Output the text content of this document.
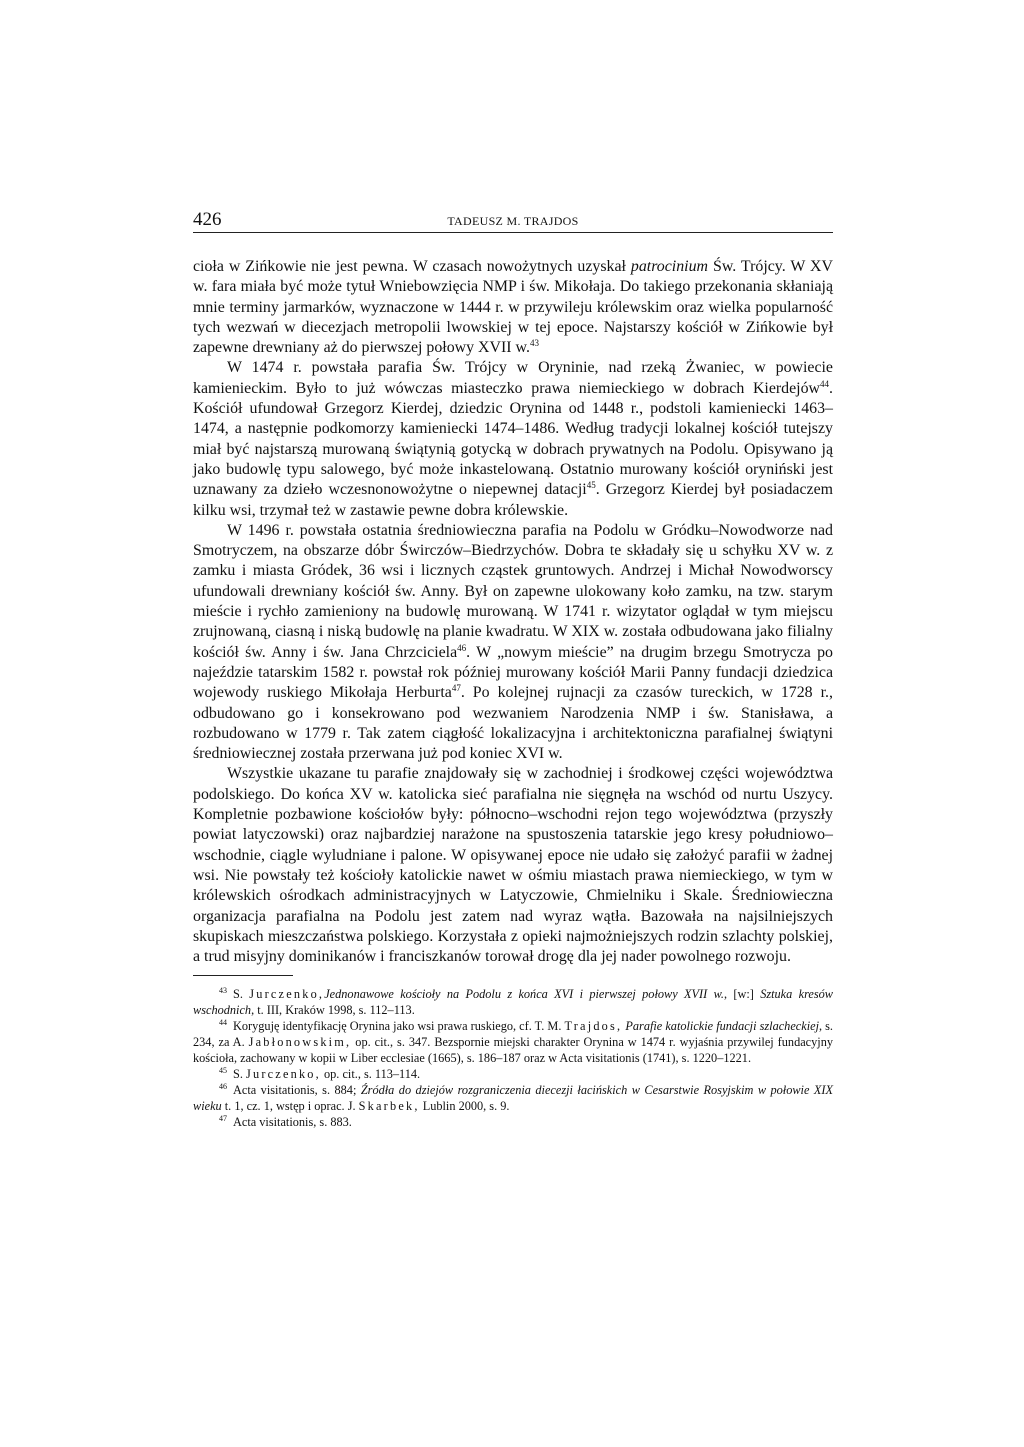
426	TADEUSZ M. TRAJDOS

cioła w Zińkowie nie jest pewna. W czasach nowożytnych uzyskał patrocinium Św. Trójcy. W XV w. fara miała być może tytuł Wniebowzięcia NMP i św. Mikołaja. Do takiego przekonania skłaniają mnie terminy jarmarków, wyznaczone w 1444 r. w przywileju królewskim oraz wielka popularność tych wezwań w diecezjach metropolii lwowskiej w tej epoce. Najstarszy kościół w Zińkowie był zapewne drewniany aż do pierwszej połowy XVII w.$^{43}$

W 1474 r. powstała parafia Św. Trójcy w Oryninie, nad rzeką Żwaniec, w powiecie kamienieckim. Było to już wówczas miasteczko prawa niemieckiego w dobrach Kierdejów$^{44}$. Kościół ufundował Grzegorz Kierdej, dziedzic Orynina od 1448 r., podstoli kamieniecki 1463–1474, a następnie podkomorzy kamieniecki 1474–1486. Według tradycji lokalnej kościół tutejszy miał być najstarszą murowaną świątynią gotycką w dobrach prywatnych na Podolu. Opisywano ją jako budowlę typu salowego, być może inkastelowaną. Ostatnio murowany kościół oryniński jest uznawany za dzieło wczesnonowożytne o niepewnej datacji$^{45}$. Grzegorz Kierdej był posiadaczem kilku wsi, trzymał też w zastawie pewne dobra królewskie.

W 1496 r. powstała ostatnia średniowieczna parafia na Podolu w Gródku–Nowodworze nad Smotryczem, na obszarze dóbr Świrczów–Biedrzychów. Dobra te składały się u schyłku XV w. z zamku i miasta Gródek, 36 wsi i licznych cząstek gruntowych. Andrzej i Michał Nowodworscy ufundowali drewniany kościół św. Anny. Był on zapewne ulokowany koło zamku, na tzw. starym mieście i rychło zamieniony na budowlę murowaną. W 1741 r. wizytator oglądał w tym miejscu zrujnowaną, ciasną i niską budowlę na planie kwadratu. W XIX w. została odbudowana jako filialny kościół św. Anny i św. Jana Chrzciciela$^{46}$. W „nowym mieście” na drugim brzegu Smotrycza po najeździe tatarskim 1582 r. powstał rok później murowany kościół Marii Panny fundacji dziedzica wojewody ruskiego Mikołaja Herburta$^{47}$. Po kolejnej rujnacji za czasów tureckich, w 1728 r., odbudowano go i konsekrowano pod wezwaniem Narodzenia NMP i św. Stanisława, a rozbudowano w 1779 r. Tak zatem ciągłość lokalizacyjna i architektoniczna parafialnej świątyni średniowiecznej została przerwana już pod koniec XVI w.

Wszystkie ukazane tu parafie znajdowały się w zachodniej i środkowej części województwa podolskiego. Do końca XV w. katolicka sieć parafialna nie sięgnęła na wschód od nurtu Uszycy. Kompletnie pozbawione kościołów były: północno–wschodni rejon tego województwa (przyszły powiat latyczowski) oraz najbardziej narażone na spustoszenia tatarskie jego kresy południowo–wschodnie, ciągle wyludniane i palone. W opisywanej epoce nie udało się założyć parafii w żadnej wsi. Nie powstały też kościoły katolickie nawet w ośmiu miastach prawa niemieckiego, w tym w królewskich ośrodkach administracyjnych w Latyczowie, Chmielniku i Skale. Średniowieczna organizacja parafialna na Podolu jest zatem nad wyraz wątła. Bazowała na najsilniejszych skupiskach mieszczaństwa polskiego. Korzystała z opieki najmożniejszych rodzin szlachty polskiej, a trud misyjny dominikanów i franciszkanów torował drogę dla jej nader powolnego rozwoju.

$^{43}$ S. Jurczenko,Jednonawowe kościoły na Podolu z końca XVI i pierwszej połowy XVII w., [w:] Sztuka kresów wschodnich, t. III, Kraków 1998, s. 112–113.

$^{44}$ Koryguję identyfikację Orynina jako wsi prawa ruskiego, cf. T. M. Trajdos, Parafie katolickie fundacji szlacheckiej, s. 234, za A. Jabłonowskim, op. cit., s. 347. Bezspornie miejski charakter Orynina w 1474 r. wyjaśnia przywilej fundacyjny kościoła, zachowany w kopii w Liber ecclesiae (1665), s. 186–187 oraz w Acta visitationis (1741), s. 1220–1221.

$^{45}$ S. Jurczenko, op. cit., s. 113–114.

$^{46}$ Acta visitationis, s. 884; Źródła do dziejów rozgraniczenia diecezji łacińskich w Cesarstwie Rosyjskim w połowie XIX wieku t. 1, cz. 1, wstęp i oprac. J. Skarbek, Lublin 2000, s. 9.

$^{47}$ Acta visitationis, s. 883.
